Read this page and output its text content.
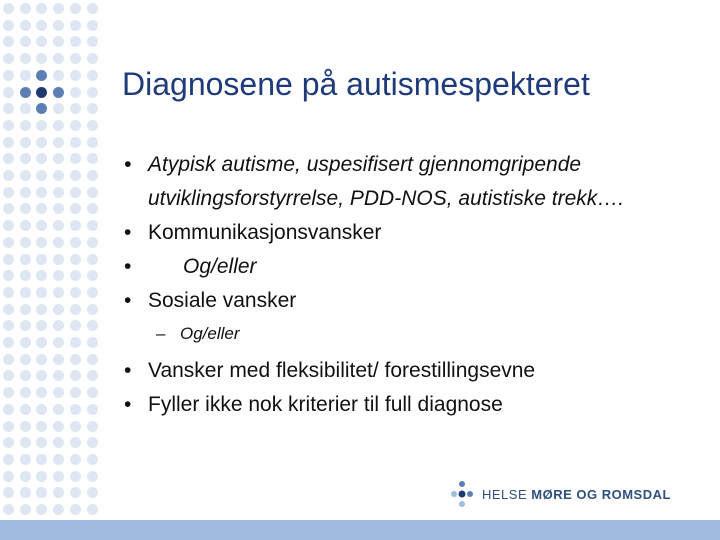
Diagnosene på autismespekteret
• Atypisk autisme, uspesifisert gjennomgripende utviklingsforstyrrelse, PDD-NOS, autistiske trekk….
• Kommunikasjonsvansker
• Og/eller
• Sosiale vansker
– Og/eller
• Vansker med fleksibilitet/ forestillingsevne
• Fyller ikke nok kriterier til full diagnose
HELSE MØRE OG ROMSDAL
